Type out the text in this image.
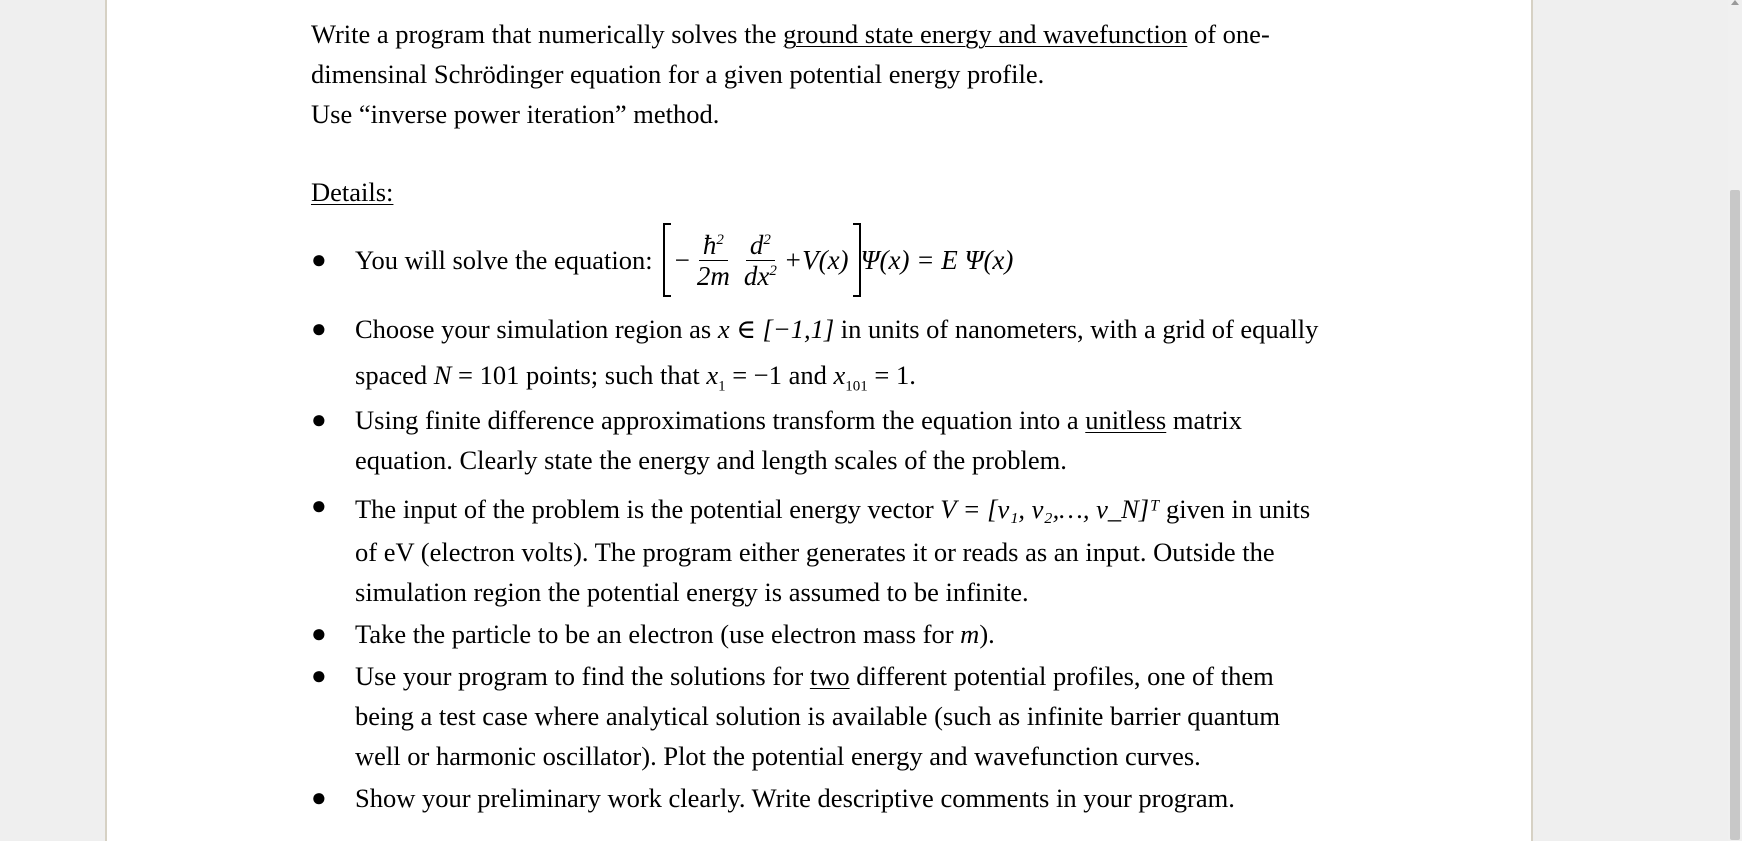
Write a program that numerically solves the ground state energy and wavefunction of one-

dimensinal Schrödinger equation for a given potential energy profile.

Use “inverse power iteration” method.

Details:

● You will solve the equation: − $\frac{ħ^2}{2m} \frac{d^2}{dx^2} +V(x) \Psi(x) = E$ Ψ(x)
● Choose your simulation region as x ∈ [−1,1] in units of nanometers, with a grid of equally
spaced N = 101 points; such that $x_1 = -1$ and $x_{101} = 1$.
● Using finite difference approximations transform the equation into a unitless matrix
equation. Clearly state the energy and length scales of the problem.
● The input of the problem is the potential energy vector V = [v₁, v₂,…, v_N]ᵀ given in units
of eV (electron volts). The program either generates it or reads as an input. Outside the
simulation region the potential energy is assumed to be infinite.
● Take the particle to be an electron (use electron mass for m).
● Use your program to find the solutions for two different potential profiles, one of them
being a test case where analytical solution is available (such as infinite barrier quantum
well or harmonic oscillator). Plot the potential energy and wavefunction curves.
● Show your preliminary work clearly. Write descriptive comments in your program.
